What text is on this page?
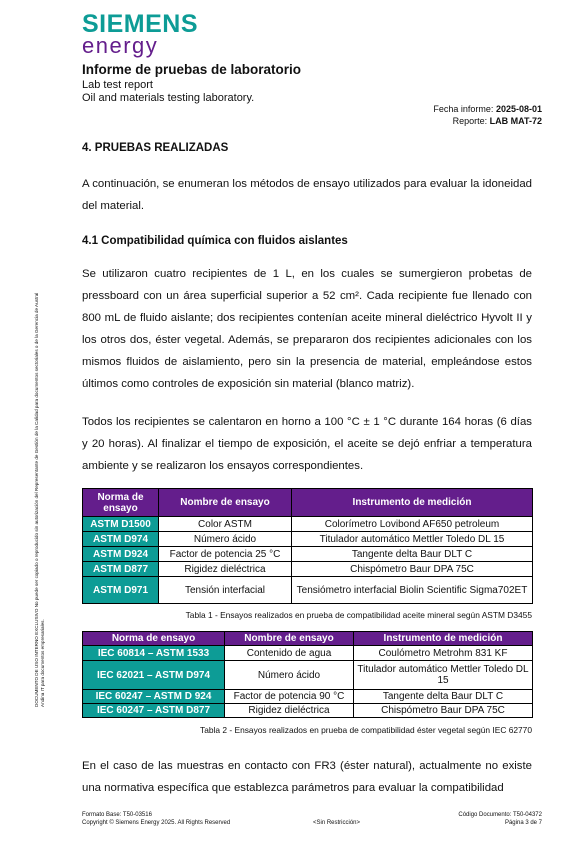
SIEMENS
energy
Informe de pruebas de laboratorio
Lab test report
Oil and materials testing laboratory.
Fecha informe: 2025-08-01
Reporte: LAB MAT-72
DOCUMENTO DE USO INTERNO EXCLUSIVO No puede ser copiado o reproducido sin autorización del Representante de Gestión de la Calidad para documentos sectoriales o de la Gerencia de Austral Andina IT para documentos empresariales.
4. PRUEBAS REALIZADAS
A continuación, se enumeran los métodos de ensayo utilizados para evaluar la idoneidad del material.
4.1 Compatibilidad química con fluidos aislantes
Se utilizaron cuatro recipientes de 1 L, en los cuales se sumergieron probetas de pressboard con un área superficial superior a 52 cm². Cada recipiente fue llenado con 800 mL de fluido aislante; dos recipientes contenían aceite mineral dieléctrico Hyvolt II y los otros dos, éster vegetal. Además, se prepararon dos recipientes adicionales con los mismos fluidos de aislamiento, pero sin la presencia de material, empleándose estos últimos como controles de exposición sin material (blanco matriz).
Todos los recipientes se calentaron en horno a 100 °C ± 1 °C durante 164 horas (6 días y 20 horas). Al finalizar el tiempo de exposición, el aceite se dejó enfriar a temperatura ambiente y se realizaron los ensayos correspondientes.
Norma de ensayo	Nombre de ensayo	Instrumento de medición
ASTM D1500	Color ASTM	Colorímetro Lovibond AF650 petroleum
ASTM D974	Número ácido	Titulador automático Mettler Toledo DL 15
ASTM D924	Factor de potencia 25 °C	Tangente delta Baur DLT C
ASTM D877	Rigidez dieléctrica	Chispómetro Baur DPA 75C
ASTM D971	Tensión interfacial	Tensiómetro interfacial Biolin Scientific Sigma702ET
Tabla 1 - Ensayos realizados en prueba de compatibilidad aceite mineral según ASTM D3455
Norma de ensayo	Nombre de ensayo	Instrumento de medición
IEC 60814 – ASTM 1533	Contenido de agua	Coulómetro Metrohm 831 KF
IEC 62021 – ASTM D974	Número ácido	Titulador automático Mettler Toledo DL 15
IEC 60247 – ASTM D 924	Factor de potencia 90 °C	Tangente delta Baur DLT C
IEC 60247 – ASTM D877	Rigidez dieléctrica	Chispómetro Baur DPA 75C
Tabla 2 - Ensayos realizados en prueba de compatibilidad éster vegetal según IEC 62770
En el caso de las muestras en contacto con FR3 (éster natural), actualmente no existe una normativa específica que establezca parámetros para evaluar la compatibilidad
Formato Base: T50-03516
Copyright © Siemens Energy 2025. All Rights Reserved	<Sin Restricción>
Código Documento: T50-04372
Página 3 de 7
